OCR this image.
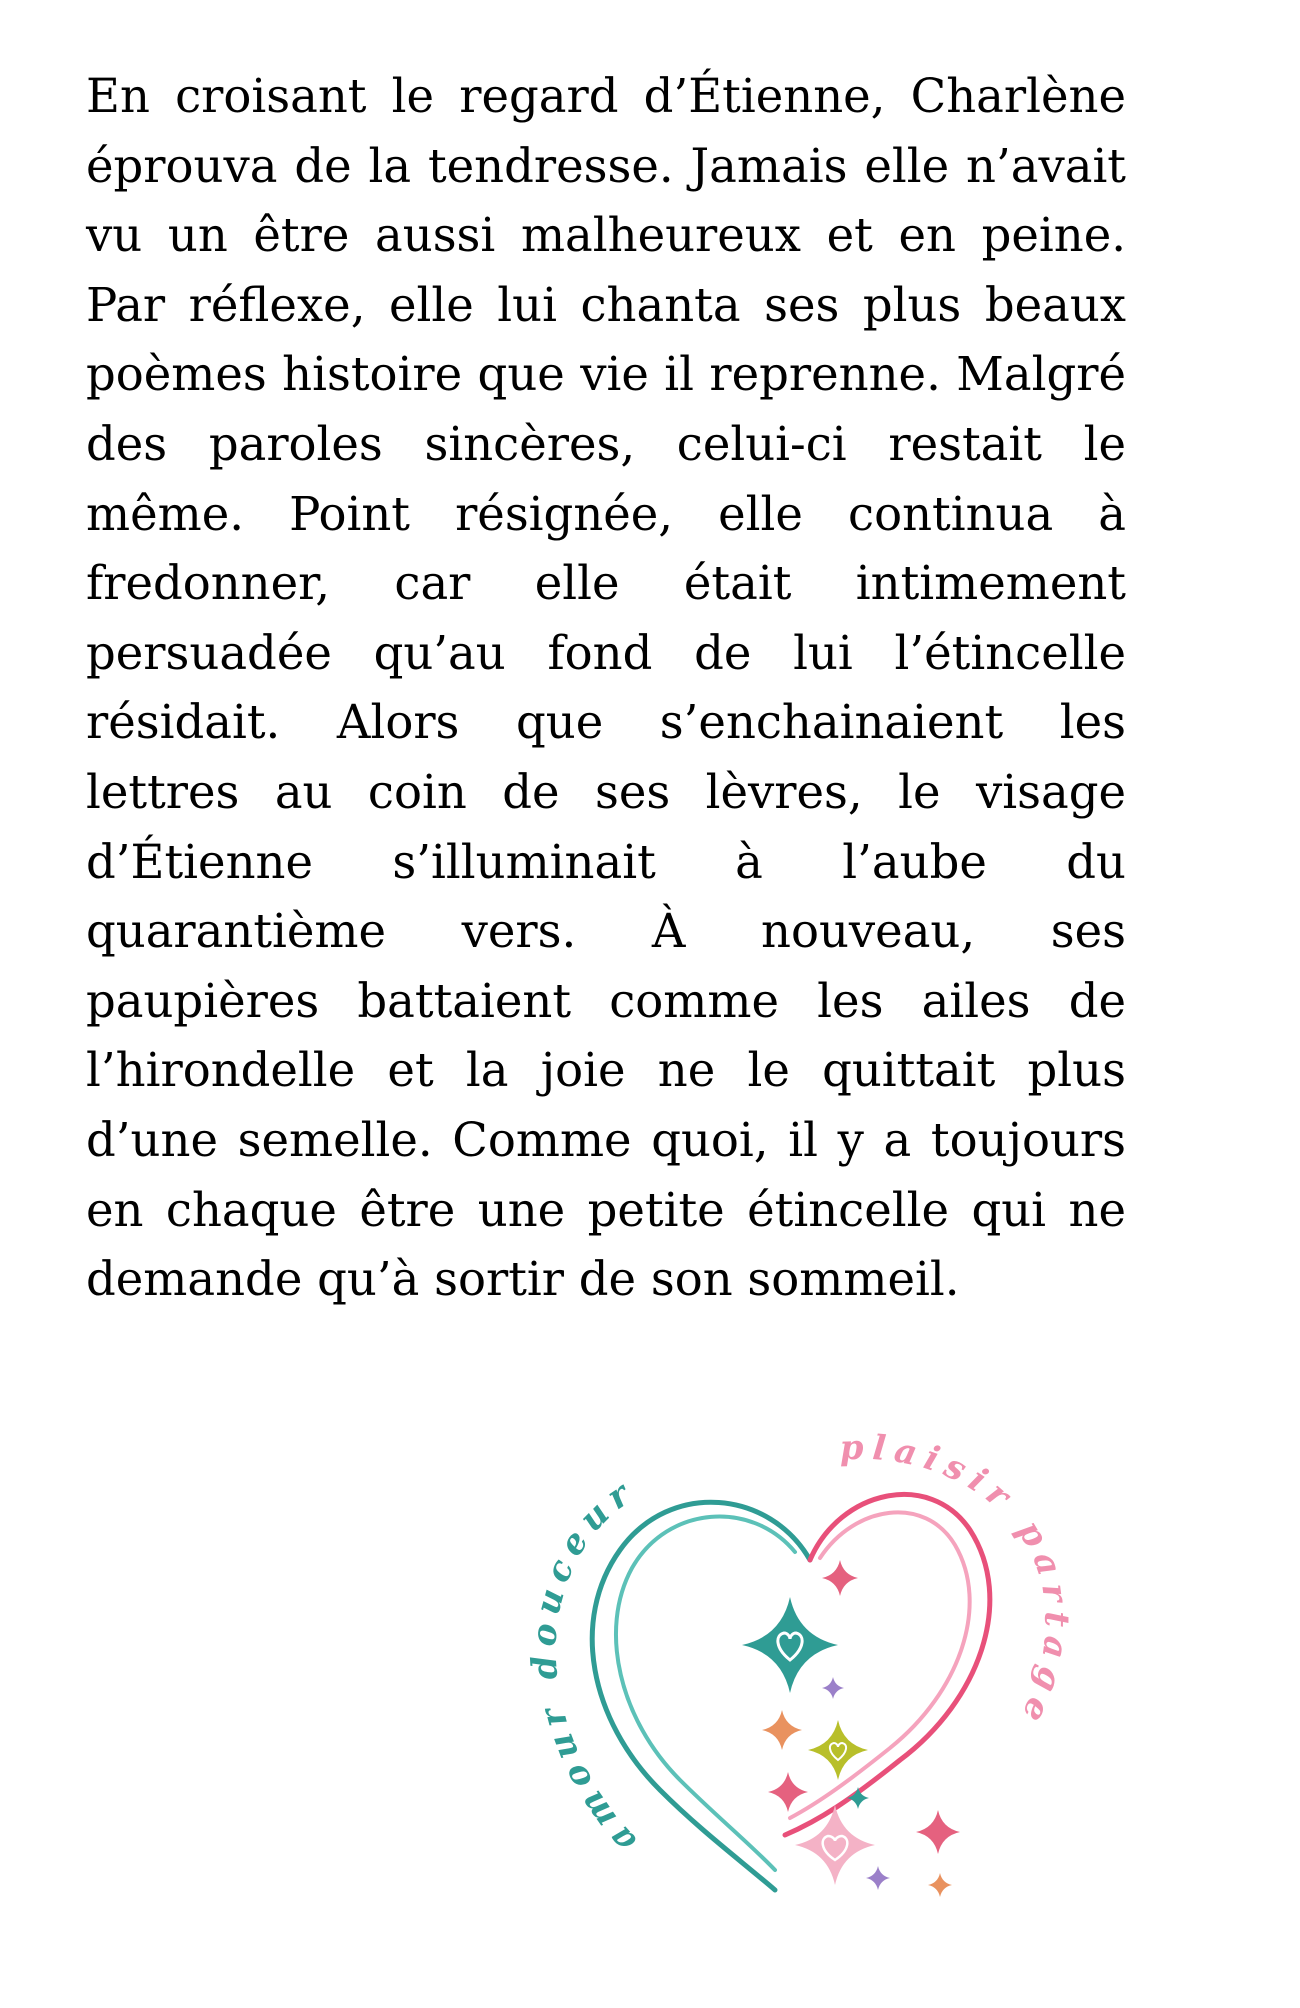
En croisant le regard d’Étienne, Charlène éprouva de la tendresse. Jamais elle n’avait vu un être aussi malheureux et en peine. Par réflexe, elle lui chanta ses plus beaux poèmes histoire que vie il reprenne. Malgré des paroles sincères, celui-ci restait le même. Point résignée, elle continua à fredonner, car elle était intimement persuadée qu’au fond de lui l’étincelle résidait. Alors que s’enchainaient les lettres au coin de ses lèvres, le visage d’Étienne s’illuminait à l’aube du quarantième vers. À nouveau, ses paupières battaient comme les ailes de l’hirondelle et la joie ne le quittait plus d’une semelle. Comme quoi, il y a toujours en chaque être une petite étincelle qui ne demande qu’à sortir de son sommeil.

amour douceur
plaisir partage
